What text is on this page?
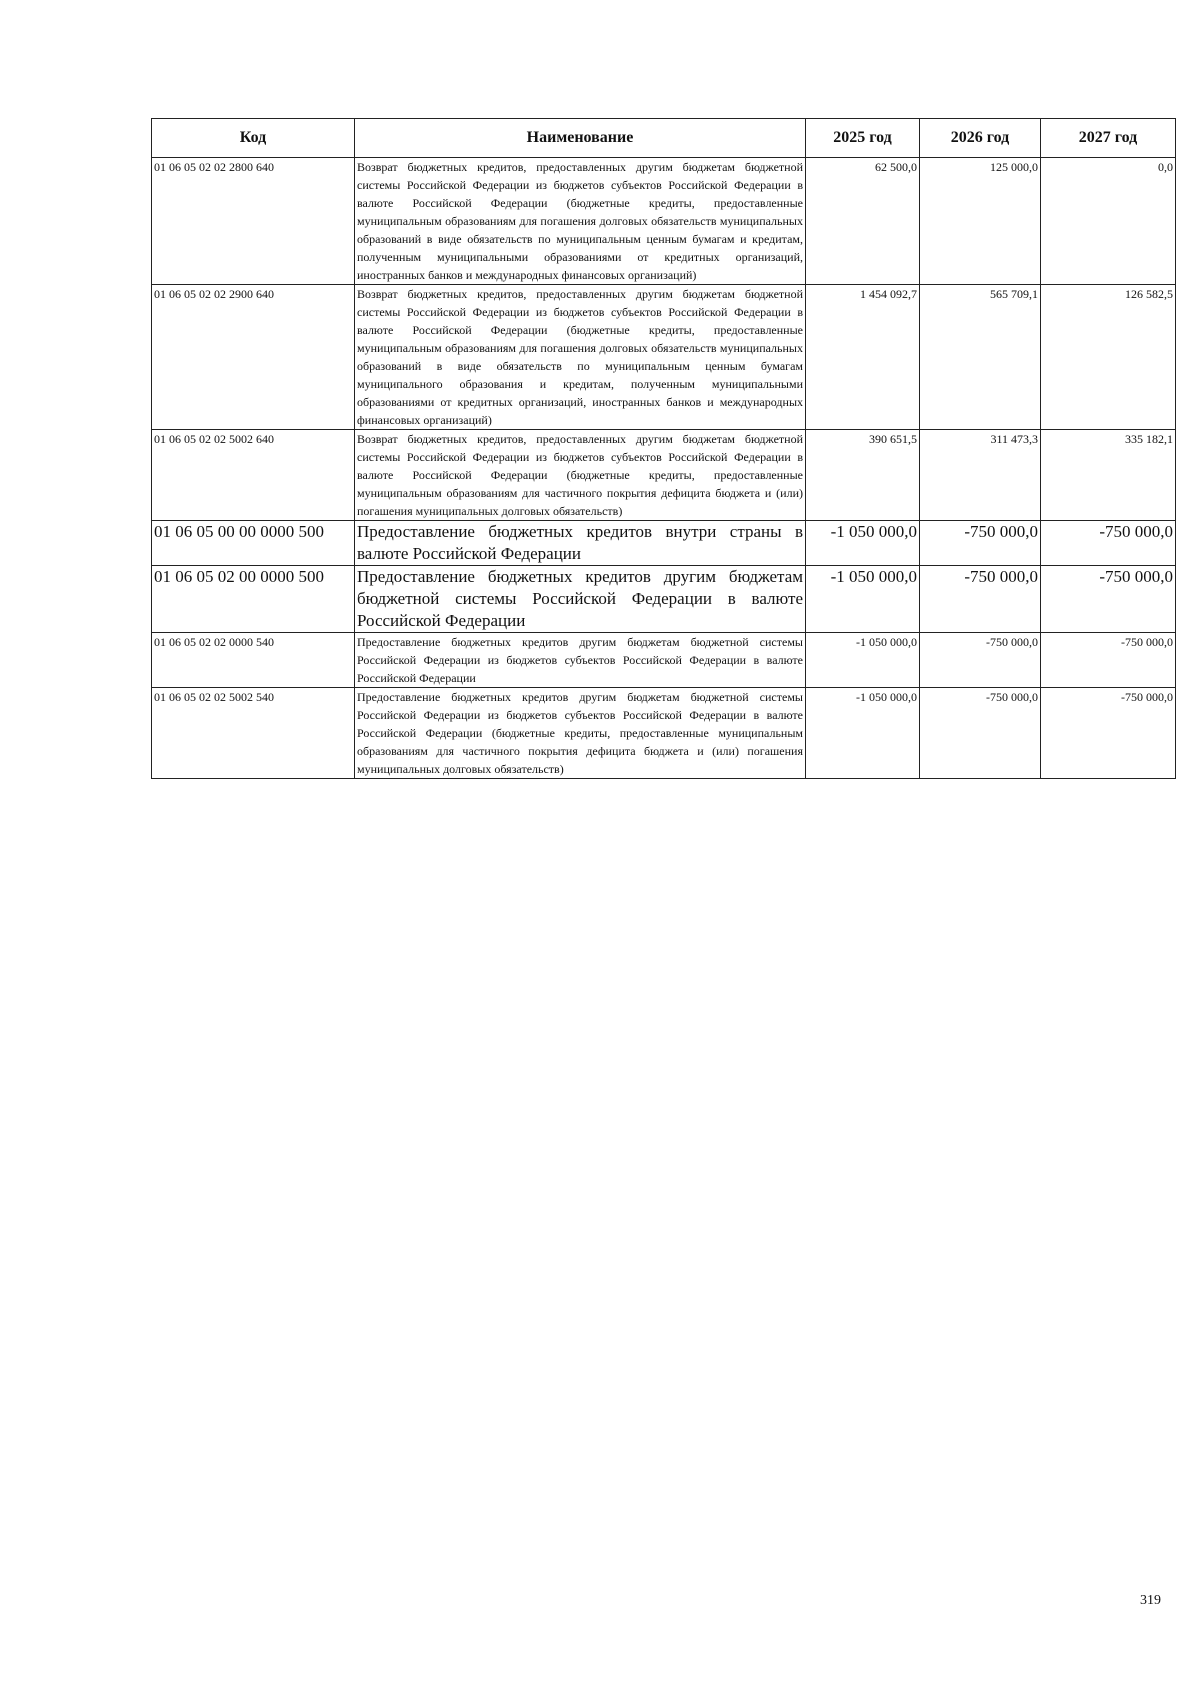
Код	Наименование	2025 год	2026 год	2027 год
01 06 05 02 02 2800 640	Возврат бюджетных кредитов, предоставленных другим бюджетам бюджетной системы Российской Федерации из бюджетов субъектов Российской Федерации в валюте Российской Федерации (бюджетные кредиты, предоставленные муниципальным образованиям для погашения долговых обязательств муниципальных образований в виде обязательств по муниципальным ценным бумагам и кредитам, полученным муниципальными образованиями от кредитных организаций, иностранных банков и международных финансовых организаций)	62 500,0	125 000,0	0,0
01 06 05 02 02 2900 640	Возврат бюджетных кредитов, предоставленных другим бюджетам бюджетной системы Российской Федерации из бюджетов субъектов Российской Федерации в валюте Российской Федерации (бюджетные кредиты, предоставленные муниципальным образованиям для погашения долговых обязательств муниципальных образований в виде обязательств по муниципальным ценным бумагам муниципального образования и кредитам, полученным муниципальными образованиями от кредитных организаций, иностранных банков и международных финансовых организаций)	1 454 092,7	565 709,1	126 582,5
01 06 05 02 02 5002 640	Возврат бюджетных кредитов, предоставленных другим бюджетам бюджетной системы Российской Федерации из бюджетов субъектов Российской Федерации в валюте Российской Федерации (бюджетные кредиты, предоставленные муниципальным образованиям для частичного покрытия дефицита бюджета и (или) погашения муниципальных долговых обязательств)	390 651,5	311 473,3	335 182,1
01 06 05 00 00 0000 500	Предоставление бюджетных кредитов внутри страны в валюте Российской Федерации	-1 050 000,0	-750 000,0	-750 000,0
01 06 05 02 00 0000 500	Предоставление бюджетных кредитов другим бюджетам бюджетной системы Российской Федерации в валюте Российской Федерации	-1 050 000,0	-750 000,0	-750 000,0
01 06 05 02 02 0000 540	Предоставление бюджетных кредитов другим бюджетам бюджетной системы Российской Федерации из бюджетов субъектов Российской Федерации в валюте Российской Федерации	-1 050 000,0	-750 000,0	-750 000,0
01 06 05 02 02 5002 540	Предоставление бюджетных кредитов другим бюджетам бюджетной системы Российской Федерации из бюджетов субъектов Российской Федерации в валюте Российской Федерации (бюджетные кредиты, предоставленные муниципальным образованиям для частичного покрытия дефицита бюджета и (или) погашения муниципальных долговых обязательств)	-1 050 000,0	-750 000,0	-750 000,0
319
